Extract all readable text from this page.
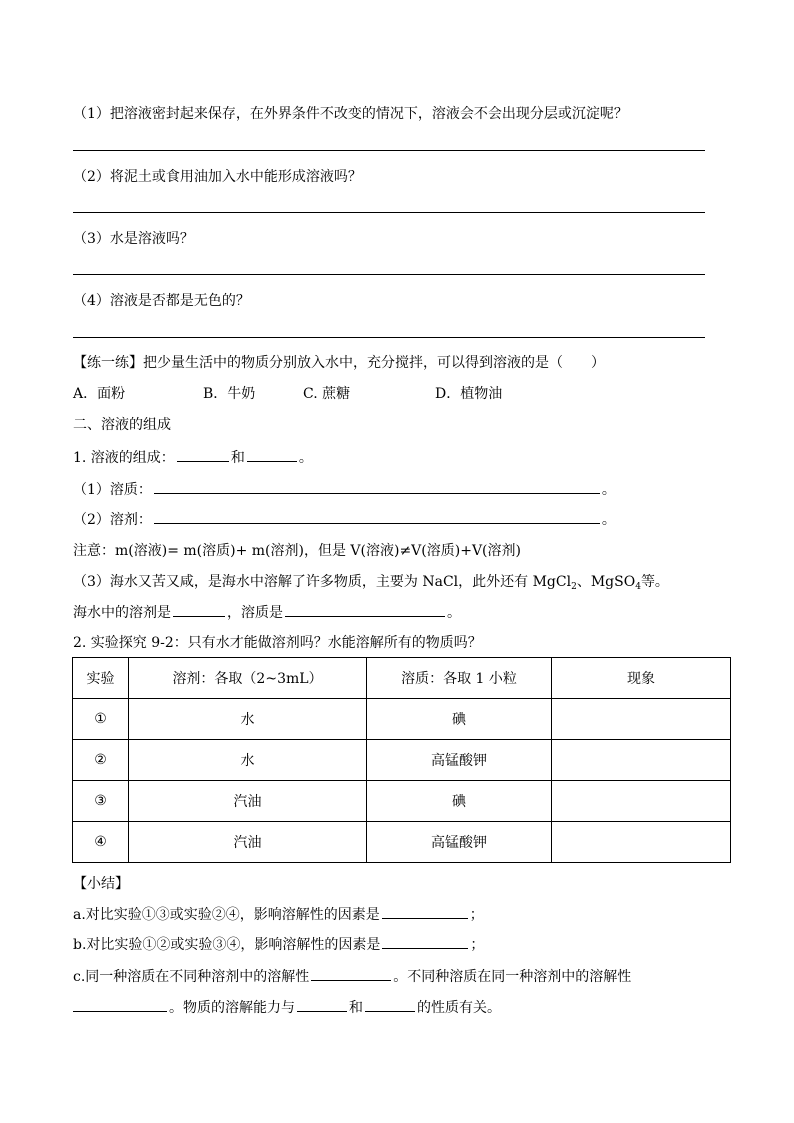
（1）把溶液密封起来保存，在外界条件不改变的情况下，溶液会不会出现分层或沉淀呢？
（2）将泥土或食用油加入水中能形成溶液吗？
（3）水是溶液吗？
（4）溶液是否都是无色的？
【练一练】把少量生活中的物质分别放入水中，充分搅拌，可以得到溶液的是（　　）
A．面粉	B．牛奶	C. 蔗糖	D．植物油
二、溶液的组成
1. 溶液的组成：	和	。
（1）溶质：	。
（2）溶剂：	。
注意：m(溶液)= m(溶质)+ m(溶剂)，但是 V(溶液)≠V(溶质)+V(溶剂)
（3）海水又苦又咸，是海水中溶解了许多物质，主要为 NaCl，此外还有 MgCl$_2$、MgSO$_4$等。
海水中的溶剂是	，溶质是	。
2. 实验探究 9-2：只有水才能做溶剂吗？水能溶解所有的物质吗？
实验	溶剂：各取（2~3mL）	溶质：各取 1 小粒	现象
①	水	碘	
②	水	高锰酸钾	
③	汽油	碘	
④	汽油	高锰酸钾	
【小结】
a.对比实验①③或实验②④，影响溶解性的因素是	；
b.对比实验①②或实验③④，影响溶解性的因素是	；
c.同一种溶质在不同种溶剂中的溶解性	。不同种溶质在同一种溶剂中的溶解性
。物质的溶解能力与	和	的性质有关。
